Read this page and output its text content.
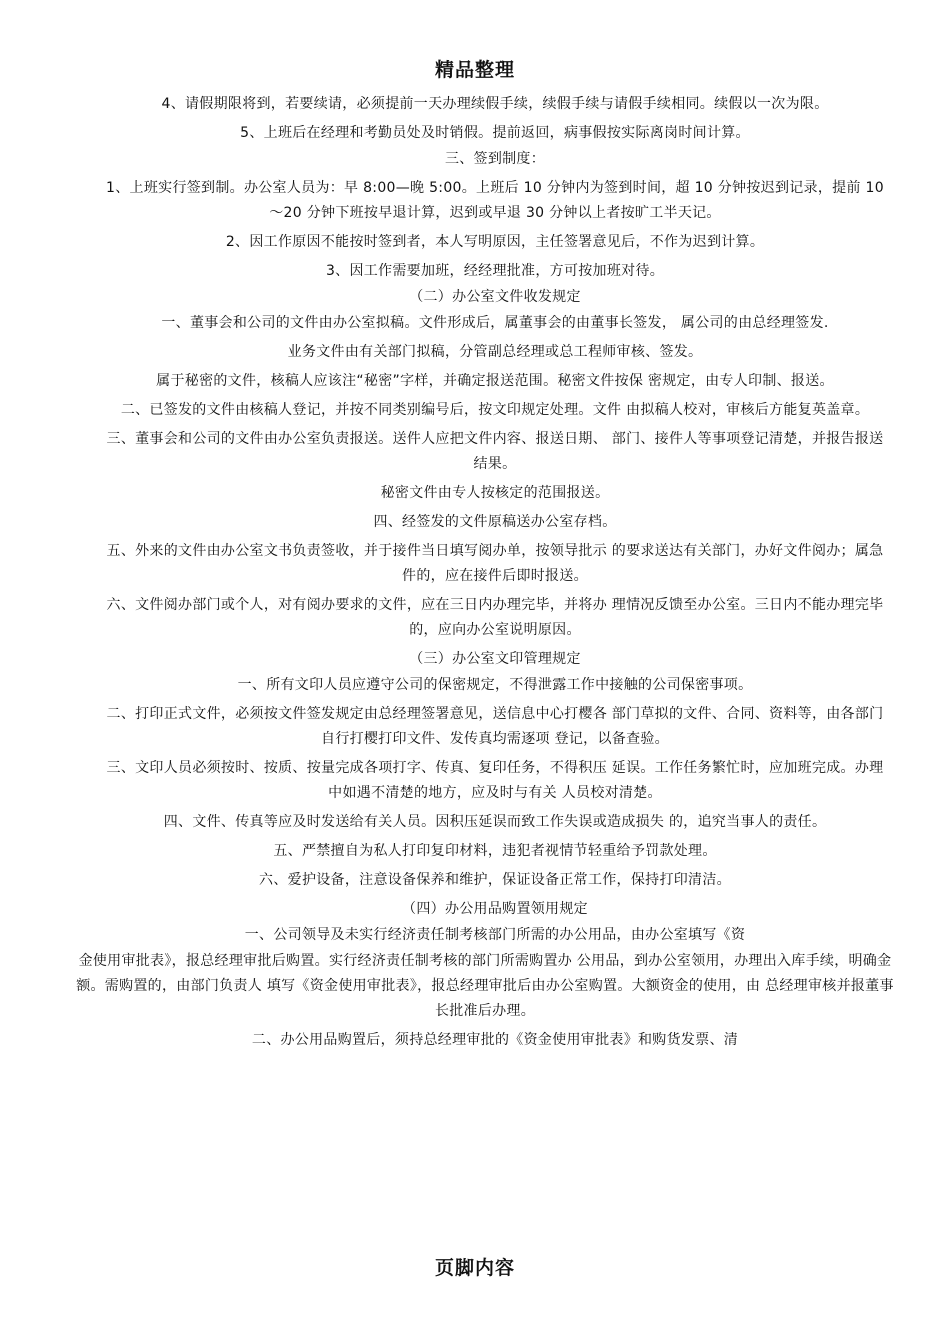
精品整理

4、请假期限将到，若要续请，必须提前一天办理续假手续，续假手续与请假手续相同。续假以一次为限。

5、上班后在经理和考勤员处及时销假。提前返回，病事假按实际离岗时间计算。

三、签到制度：

1、上班实行签到制。办公室人员为：早 8:00—晚 5:00。上班后 10 分钟内为签到时间，超 10 分钟按迟到记录，提前 10～20 分钟下班按早退计算，迟到或早退 30 分钟以上者按旷工半天记。

2、因工作原因不能按时签到者，本人写明原因，主任签署意见后，不作为迟到计算。

3、因工作需要加班，经经理批准，方可按加班对待。

（二）办公室文件收发规定

一、董事会和公司的文件由办公室拟稿。文件形成后，属董事会的由董事长签发， 属公司的由总经理签发.

业务文件由有关部门拟稿，分管副总经理或总工程师审核、签发。

属于秘密的文件，核稿人应该注“秘密”字样，并确定报送范围。秘密文件按保 密规定，由专人印制、报送。

二、已签发的文件由核稿人登记，并按不同类别编号后，按文印规定处理。文件 由拟稿人校对，审核后方能复英盖章。

三、董事会和公司的文件由办公室负责报送。送件人应把文件内容、报送日期、 部门、接件人等事项登记清楚，并报告报送结果。

秘密文件由专人按核定的范围报送。

四、经签发的文件原稿送办公室存档。

五、外来的文件由办公室文书负责签收，并于接件当日填写阅办单，按领导批示 的要求送达有关部门，办好文件阅办；属急件的，应在接件后即时报送。

六、文件阅办部门或个人，对有阅办要求的文件，应在三日内办理完毕，并将办 理情况反馈至办公室。三日内不能办理完毕的，应向办公室说明原因。

（三）办公室文印管理规定

一、所有文印人员应遵守公司的保密规定，不得泄露工作中接触的公司保密事项。

二、打印正式文件，必须按文件签发规定由总经理签署意见，送信息中心打樱各 部门草拟的文件、合同、资料等，由各部门自行打樱打印文件、发传真均需逐项 登记，以备查验。

三、文印人员必须按时、按质、按量完成各项打字、传真、复印任务，不得积压 延误。工作任务繁忙时，应加班完成。办理中如遇不清楚的地方，应及时与有关 人员校对清楚。

四、文件、传真等应及时发送给有关人员。因积压延误而致工作失误或造成损失 的，追究当事人的责任。

五、严禁擅自为私人打印复印材料，违犯者视情节轻重给予罚款处理。

六、爱护设备，注意设备保养和维护，保证设备正常工作，保持打印清洁。

（四）办公用品购置领用规定

一、公司领导及未实行经济责任制考核部门所需的办公用品，由办公室填写《资

金使用审批表》，报总经理审批后购置。实行经济责任制考核的部门所需购置办 公用品，到办公室领用，办理出入库手续，明确金额。需购置的，由部门负责人 填写《资金使用审批表》，报总经理审批后由办公室购置。大额资金的使用，由 总经理审核并报董事长批准后办理。

二、办公用品购置后，须持总经理审批的《资金使用审批表》和购货发票、清

页脚内容
